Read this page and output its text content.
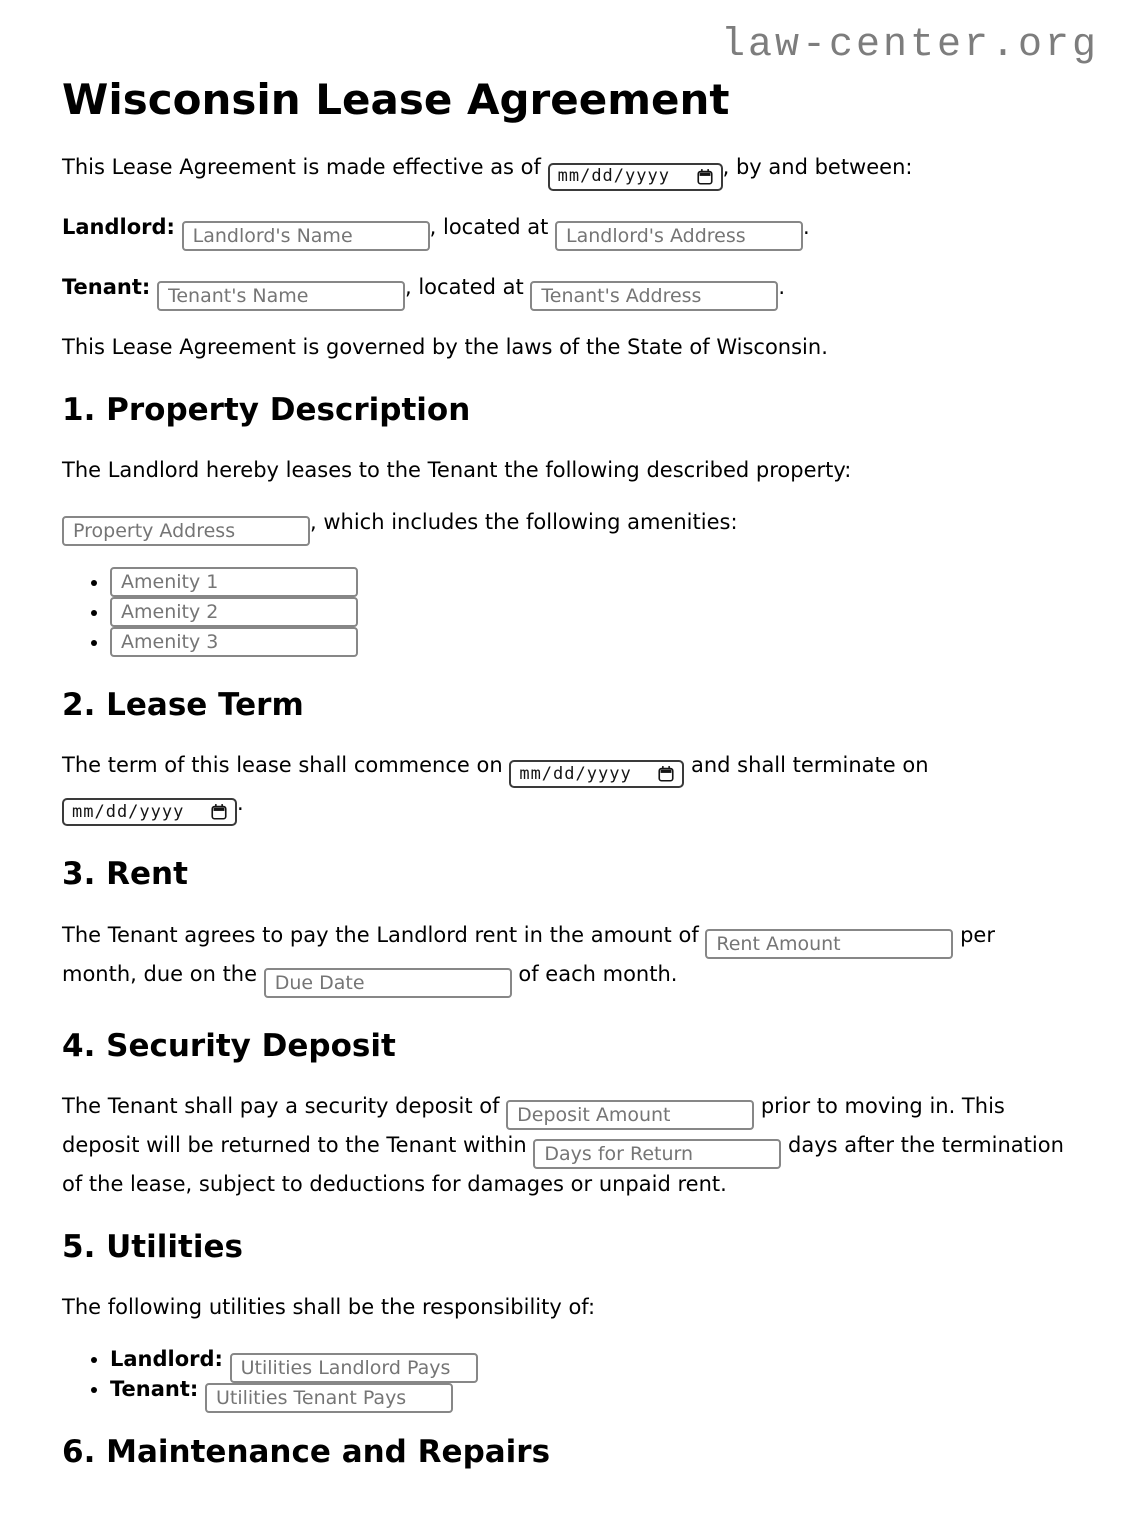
law-center.org
Wisconsin Lease Agreement

This Lease Agreement is made effective as of mm/dd/yyyy	, by and between:

Landlord: Landlord's Name	, located at Landlord's Address	.

Tenant: Tenant's Name	, located at Tenant's Address	.

This Lease Agreement is governed by the laws of the State of Wisconsin.

1. Property Description

The Landlord hereby leases to the Tenant the following described property:

Property Address, which includes the following amenities:

• Amenity 1
• Amenity 2
• Amenity 3
2. Lease Term

The term of this lease shall commence on mm/dd/yyyy	and shall terminate on
mm/dd/yyyy	.

3. Rent

The Tenant agrees to pay the Landlord rent in the amount of Rent Amount	per month, due on the Due Date	of each month.

4. Security Deposit

The Tenant shall pay a security deposit of Deposit Amount	prior to moving in. This deposit will be returned to the Tenant within Days for Return	days after the termination of the lease, subject to deductions for damages or unpaid rent.

5. Utilities

The following utilities shall be the responsibility of:

• Landlord: Utilities Landlord Pays
• Tenant: Utilities Tenant Pays
6. Maintenance and Repairs
